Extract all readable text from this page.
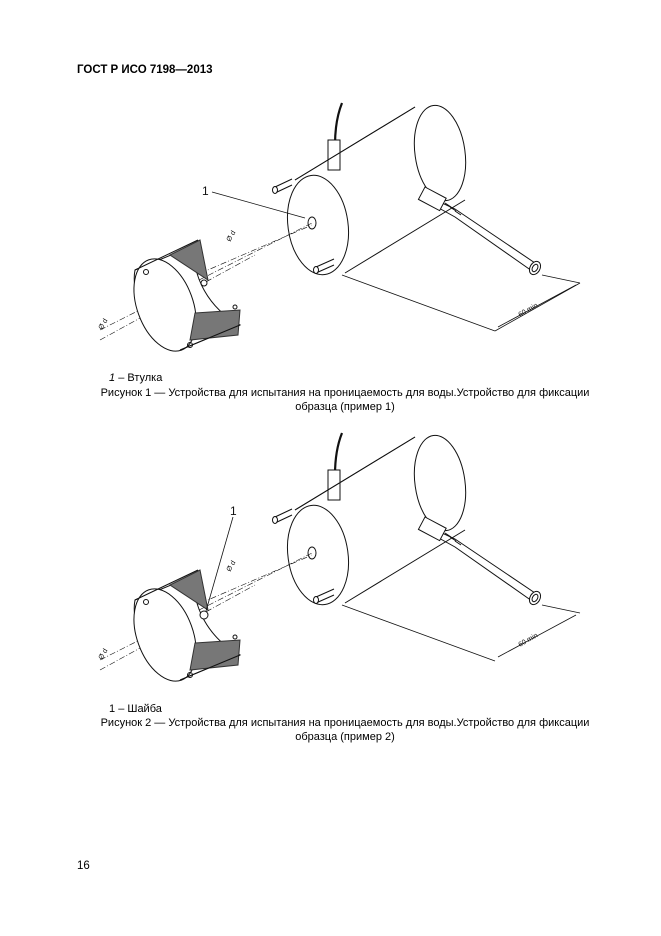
ГОСТ Р ИСО 7198—2013
60 min
Ø d
Ø d
1
1 – Втулка
Рисунок 1 — Устройства для испытания на проницаемость для воды.Устройство для фиксации образца (пример 1)
60 min
Ø d
Ø d
1
1 – Шайба
Рисунок 2 — Устройства для испытания на проницаемость для воды.Устройство для фиксации образца (пример 2)
16
